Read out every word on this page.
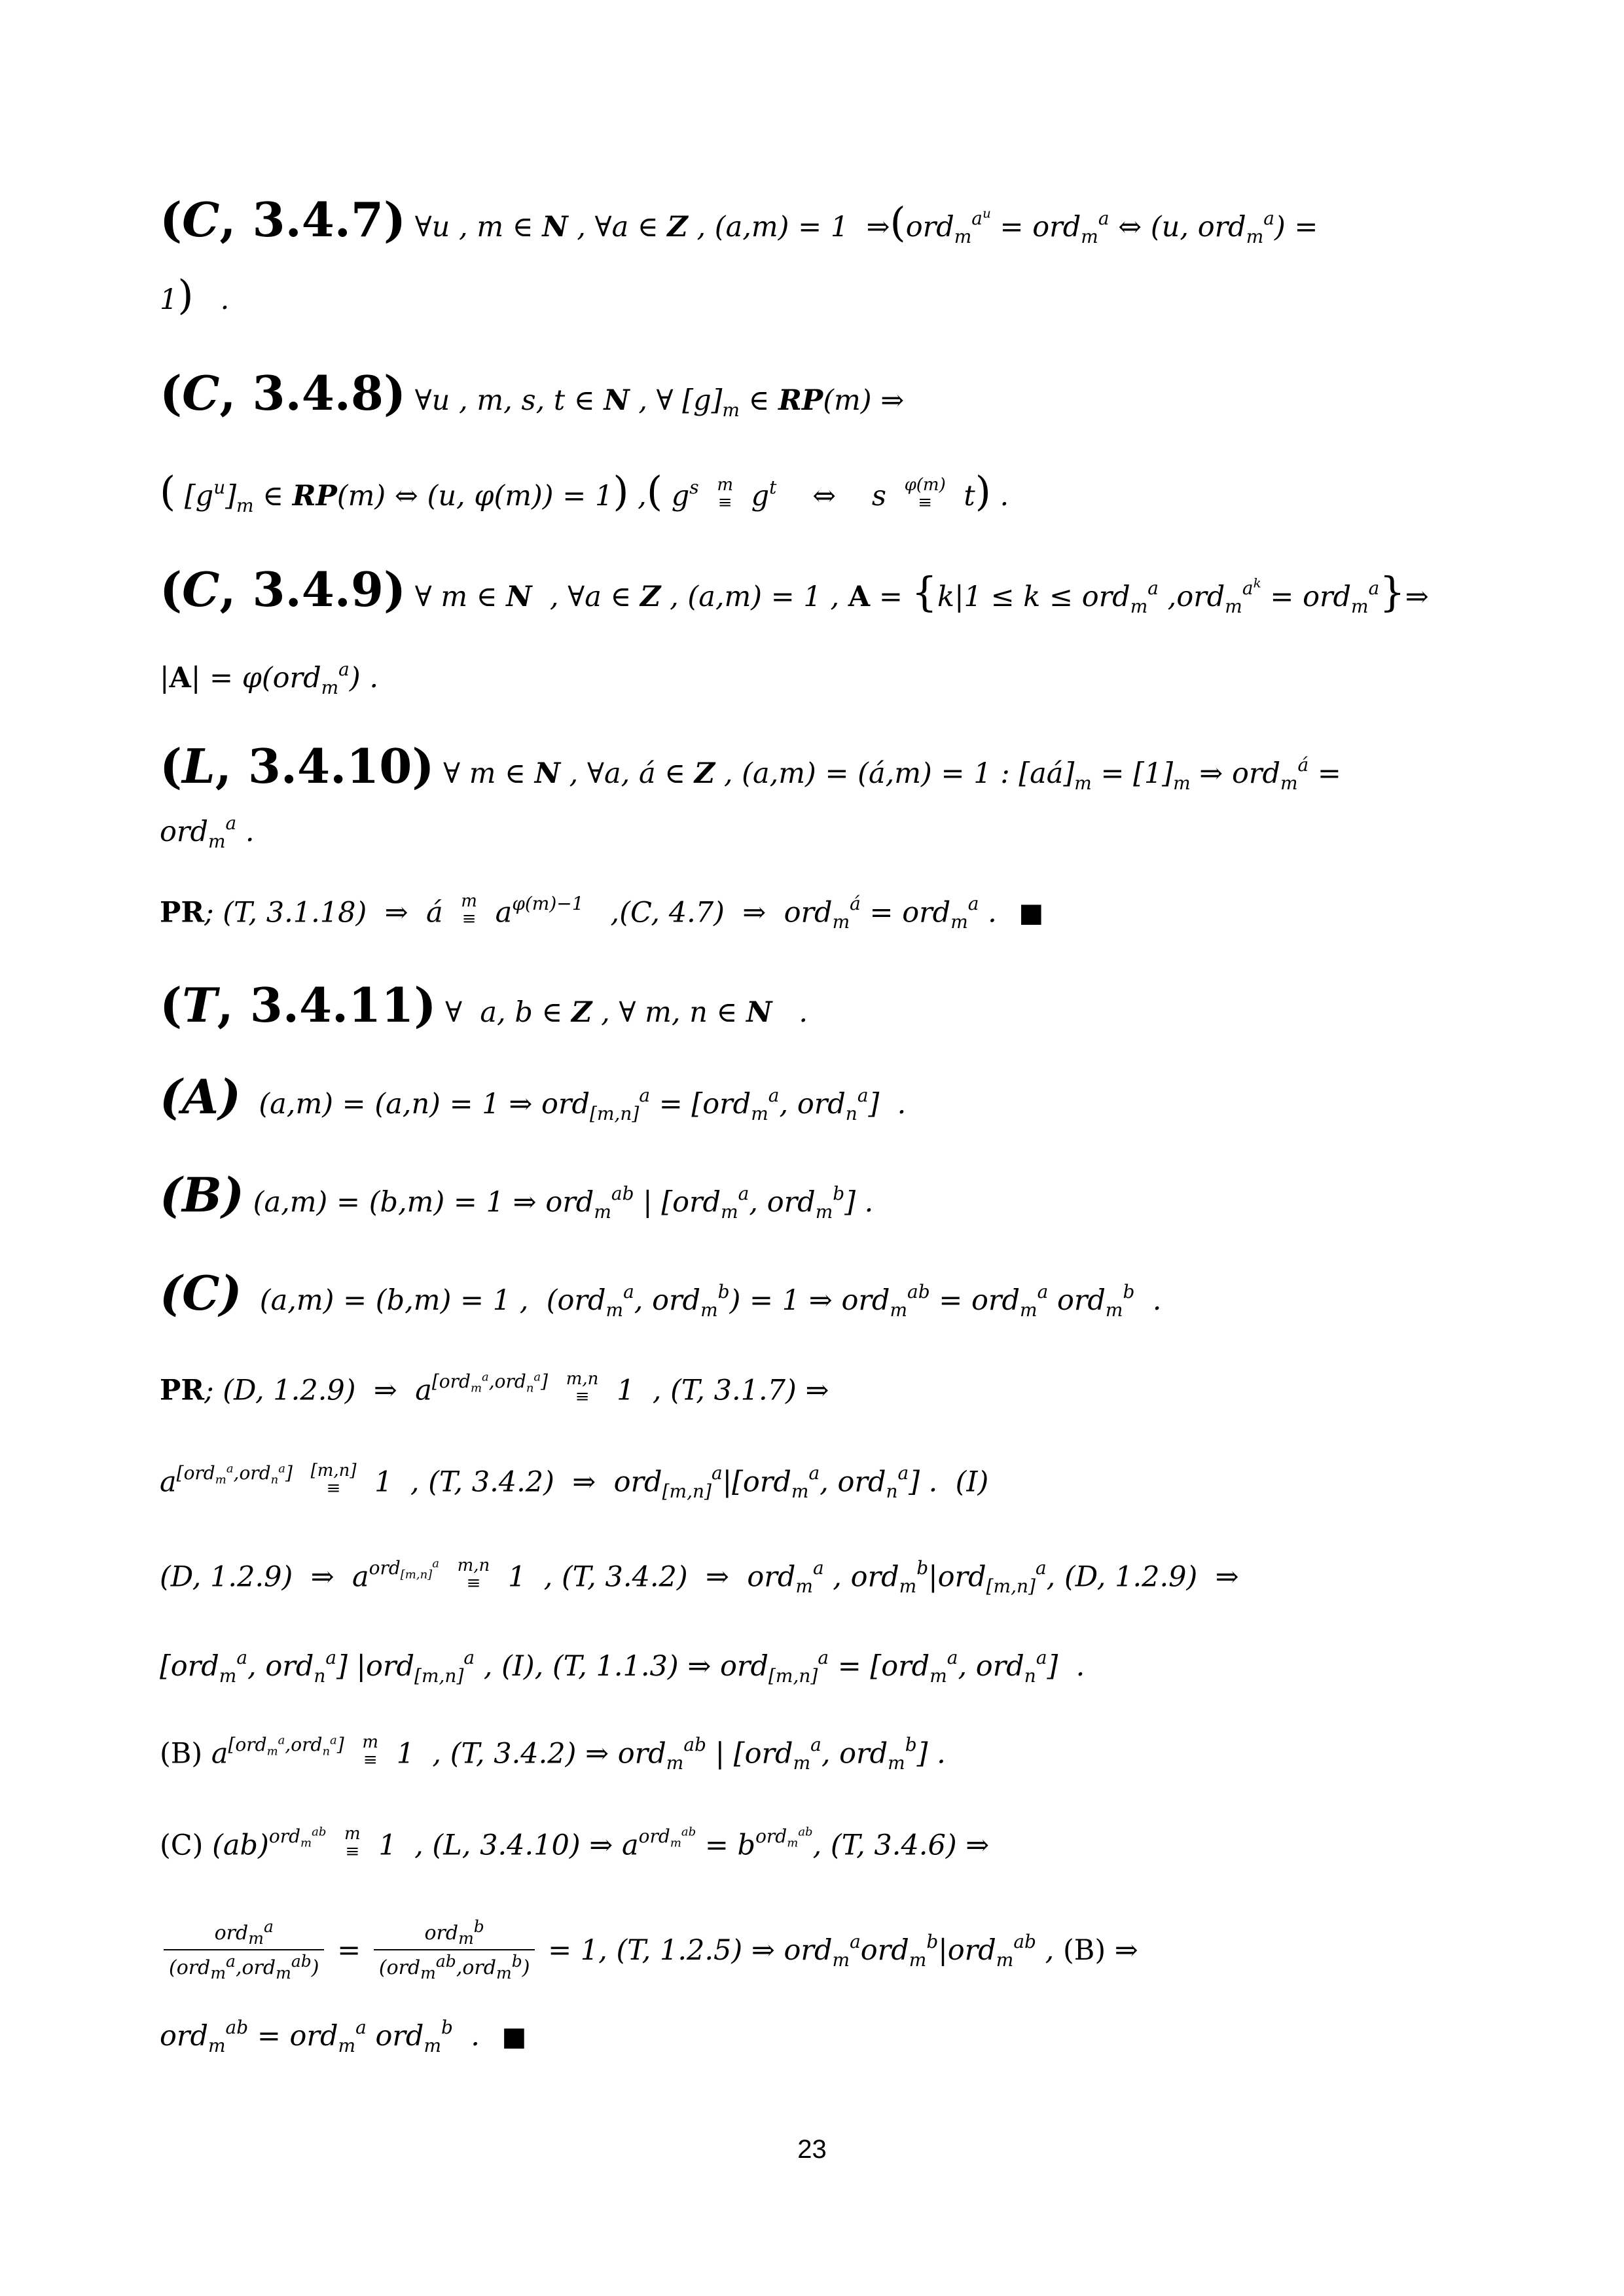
(C, 3.4.7) ∀u , m ∈ N , ∀a ∈ Z , (a,m) = 1  ⇒(ord$_m^{a^u}$ = ord$_m^a$ ⇔ (u, ord$_m^a$) =
1)   .
(C, 3.4.8) ∀u , m, s, t ∈ N , ∀ $[g]_m$ ∈ RP(m) ⇒
( $[g^u]_m$ ∈ RP(m) ⇔ (u, φ(m)) = 1) ,( $g^s$ m
≡ $g^t$    ⇔    s φ(m)
≡	t) .
(C, 3.4.9) ∀ m ∈ N  , ∀a ∈ Z , (a,m) = 1 , A = {k|1 ≤ k ≤ ord$_m^a$ ,ord$_m^{a^k}$ = ord$_m^a$}⇒
|A| = φ(ord$_m^a$) .
(L, 3.4.10) ∀ m ∈ N , ∀a, á ∈ Z , (a,m) = (á,m) = 1 : $[aá]_m = [1]_m$ ⇒ ord$_m^á$ =
ord$_m^a$ .
PR; (T, 3.1.18)  ⇒  á m
≡ $a^{\varphi(m)-1}$   ,(C, 4.7)  ⇒  ord$_m^á$ = ord$_m^a$ . ■
(T, 3.4.11) ∀  a, b ∈ Z , ∀ m, n ∈ N   .
(A)  (a,m) = (a,n) = 1 ⇒ ord$_{[m,n]}^a$ = [ord$_m^a$, ord$_n^a$]  .
(B) (a,m) = (b,m) = 1 ⇒ ord$_m^{ab}$ | [ord$_m^a$, ord$_m^b$] .
(C)  (a,m) = (b,m) = 1 ,  (ord$_m^a$, ord$_m^b$) = 1 ⇒ ord$_m^{ab}$ = ord$_m^a$ ord$_m^b$  .
PR; (D, 1.2.9)  ⇒  a[ordma,ordna] m,n
≡ 1  , (T, 3.1.7) ⇒
a[ordma,ordna] [m,n]
≡ 1  , (T, 3.4.2)  ⇒  ord$_{[m,n]}^a$|[ord$_m^a$, ord$_n^a$] .  (I)
(D, 1.2.9)  ⇒  $a^{ord_{[m,n]}^a}$ m,n
≡ 1  , (T, 3.4.2)  ⇒  ord$_m^a$ , ord$_m^b$|ord$_{[m,n]}^a$, (D, 1.2.9)  ⇒
[ord$_m^a$, ord$_n^a$] |ord$_{[m,n]}^a$ , (I), (T, 1.1.3) ⇒ ord$_{[m,n]}^a$ = [ord$_m^a$, ord$_n^a$]  .
(B) a[ordma,ordna] m
≡ 1  , (T, 3.4.2) ⇒ ord$_m^{ab}$ | [ord$_m^a$, ord$_m^b$] .
(C) (ab)$^{ord_m^{ab}}$ m
≡ 1  , (L, 3.4.10) ⇒ $a^{ord_m^{ab}} = b^{ord_m^{ab}}$, (T, 3.4.6) ⇒
$\frac{ord_m^a}{(ord_m^a,ord_m^{ab})} = \frac{ord_m^b}{(ord_m^{ab},ord_m^b)} = 1$, (T, 1.2.5) ⇒ ord$_m^a$ord$_m^b$|ord$_m^{ab}$ , (B) ⇒
ord$_m^{ab}$ = ord$_m^a$ ord$_m^b$  . ■
23
